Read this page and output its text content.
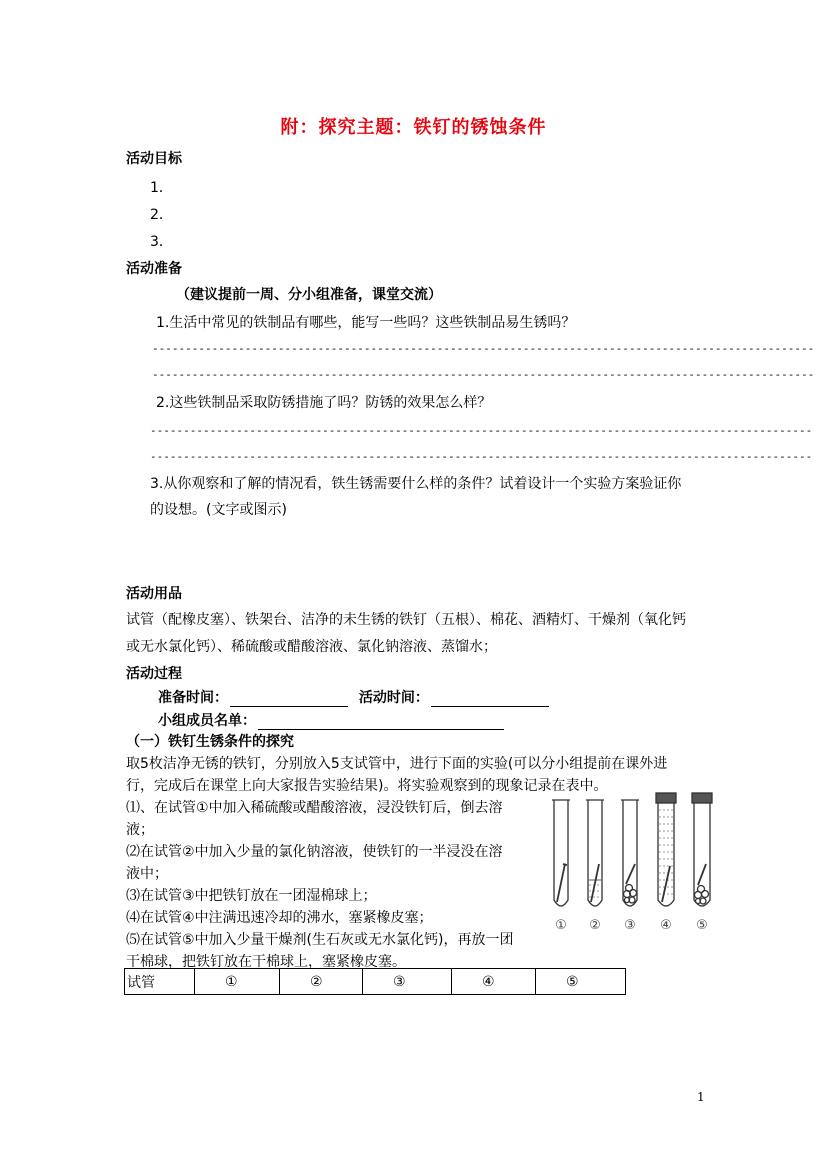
附：探究主题：铁钉的锈蚀条件
活动目标
1．
2．
3．
活动准备
（建议提前一周、分小组准备，课堂交流）
1.生活中常见的铁制品有哪些，能写一些吗？这些铁制品易生锈吗？
----------------------------------------------------------------------------------------------------
----------------------------------------------------------------------------------------------------
2.这些铁制品采取防锈措施了吗？防锈的效果怎么样？
----------------------------------------------------------------------------------------------------
----------------------------------------------------------------------------------------------------
3.从你观察和了解的情况看，铁生锈需要什么样的条件？试着设计一个实验方案验证你
的设想。(文字或图示)
活动用品
试管（配橡皮塞）、铁架台、洁净的未生锈的铁钉（五根）、棉花、酒精灯、干燥剂（氧化钙
或无水氯化钙）、稀硫酸或醋酸溶液、氯化钠溶液、蒸馏水；
活动过程
准备时间：	活动时间：
小组成员名单：
（一）铁钉生锈条件的探究
取5枚洁净无锈的铁钉，分别放入5支试管中，进行下面的实验(可以分小组提前在课外进
行，完成后在课堂上向大家报告实验结果)。将实验观察到的现象记录在表中。
⑴、在试管①中加入稀硫酸或醋酸溶液，浸没铁钉后，倒去溶
液；
⑵在试管②中加入少量的氯化钠溶液，使铁钉的一半浸没在溶
液中；
⑶在试管③中把铁钉放在一团湿棉球上；
⑷在试管④中注满迅速冷却的沸水，塞紧橡皮塞；
⑸在试管⑤中加入少量干燥剂(生石灰或无水氯化钙)，再放一团
干棉球，把铁钉放在干棉球上，塞紧橡皮塞。
① ② ③ ④ ⑤
试管	①	②	③	④	⑤
1
